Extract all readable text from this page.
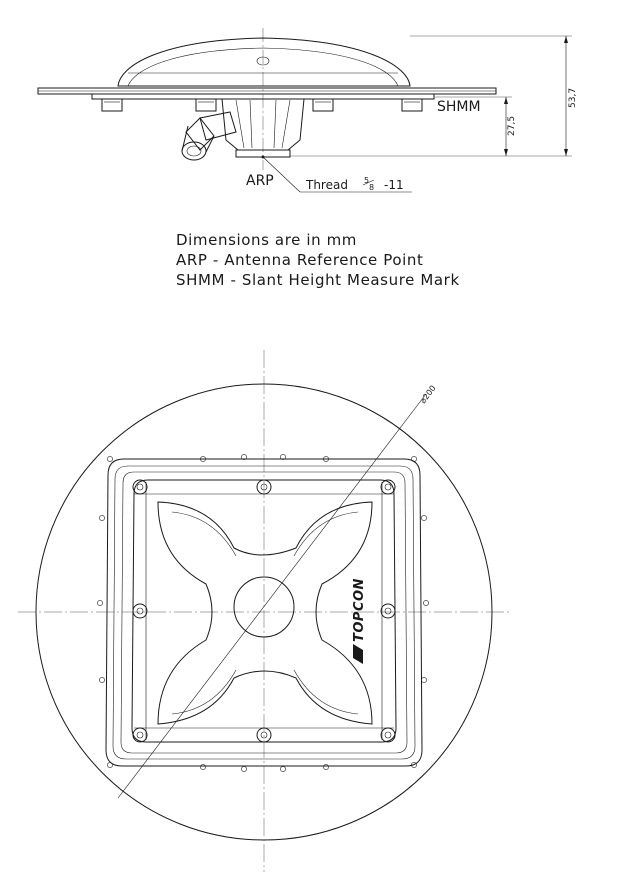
53,7
27,5
SHMM
ARP	Thread 5
8 -11
Dimensions are in mm
ARP - Antenna Reference Point
SHMM - Slant Height Measure Mark
⌀200
TOPCON
